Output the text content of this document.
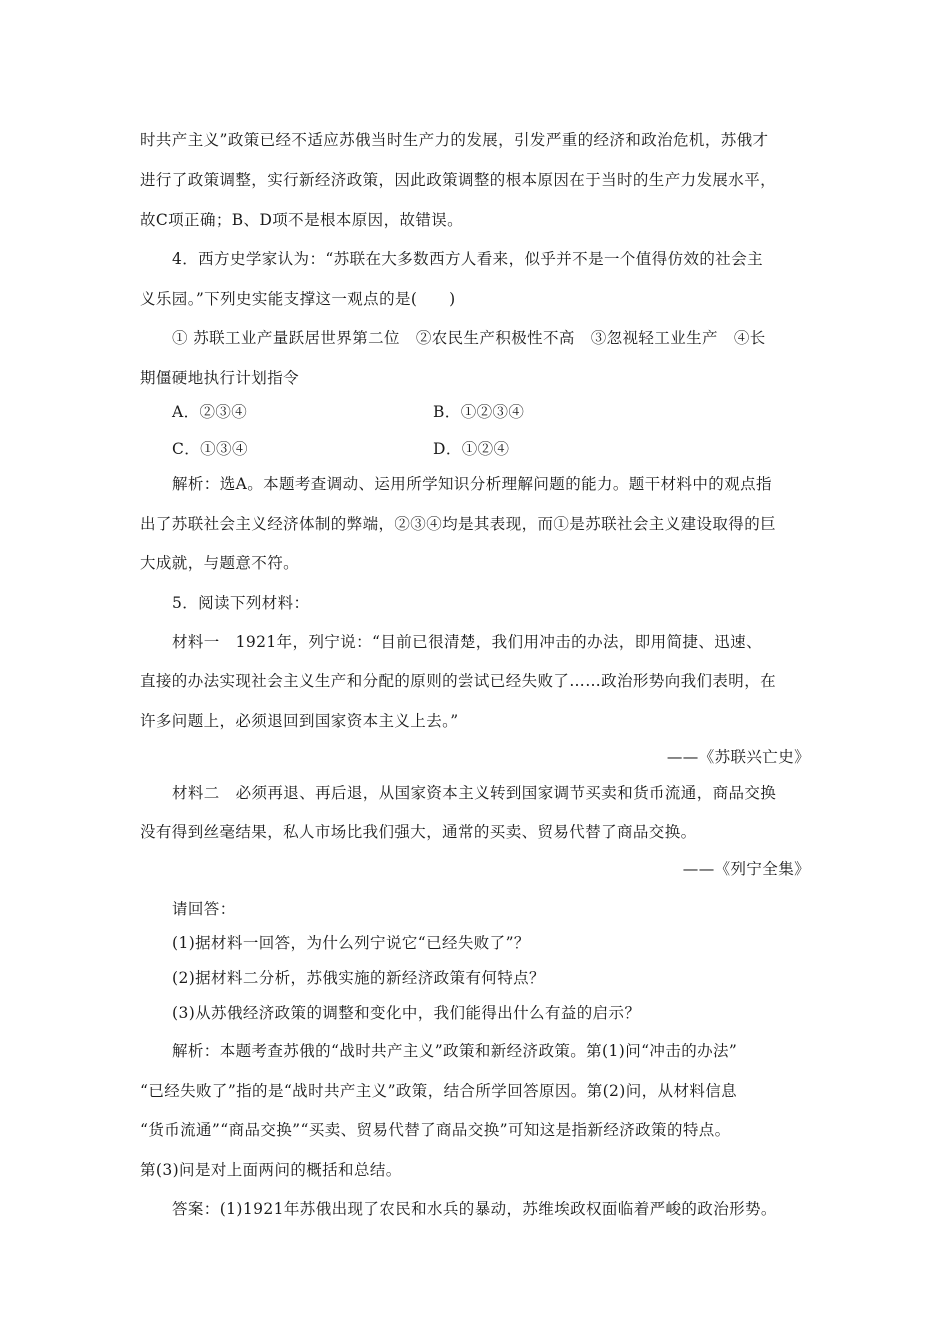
时共产主义”政策已经不适应苏俄当时生产力的发展，引发严重的经济和政治危机，苏俄才
进行了政策调整，实行新经济政策，因此政策调整的根本原因在于当时的生产力发展水平，
故C项正确；B、D项不是根本原因，故错误。
4．西方史学家认为：“苏联在大多数西方人看来，似乎并不是一个值得仿效的社会主
义乐园。”下列史实能支撑这一观点的是(　　)
① 苏联工业产量跃居世界第二位　②农民生产积极性不高　③忽视轻工业生产　④长
期僵硬地执行计划指令
A．②③④	B．①②③④
C．①③④	D．①②④
解析：选A。本题考查调动、运用所学知识分析理解问题的能力。题干材料中的观点指
出了苏联社会主义经济体制的弊端，②③④均是其表现，而①是苏联社会主义建设取得的巨
大成就，与题意不符。
5．阅读下列材料：
材料一　1921年，列宁说：“目前已很清楚，我们用冲击的办法，即用简捷、迅速、
直接的办法实现社会主义生产和分配的原则的尝试已经失败了……政治形势向我们表明，在
许多问题上，必须退回到国家资本主义上去。”
——《苏联兴亡史》
材料二　必须再退、再后退，从国家资本主义转到国家调节买卖和货币流通，商品交换
没有得到丝毫结果，私人市场比我们强大，通常的买卖、贸易代替了商品交换。
——《列宁全集》
请回答：
(1)据材料一回答，为什么列宁说它“已经失败了”？
(2)据材料二分析，苏俄实施的新经济政策有何特点？
(3)从苏俄经济政策的调整和变化中，我们能得出什么有益的启示？
解析：本题考查苏俄的“战时共产主义”政策和新经济政策。第(1)问“冲击的办法”
“已经失败了”指的是“战时共产主义”政策，结合所学回答原因。第(2)问，从材料信息
“货币流通”“商品交换”“买卖、贸易代替了商品交换”可知这是指新经济政策的特点。
第(3)问是对上面两问的概括和总结。
答案：(1)1921年苏俄出现了农民和水兵的暴动，苏维埃政权面临着严峻的政治形势。
